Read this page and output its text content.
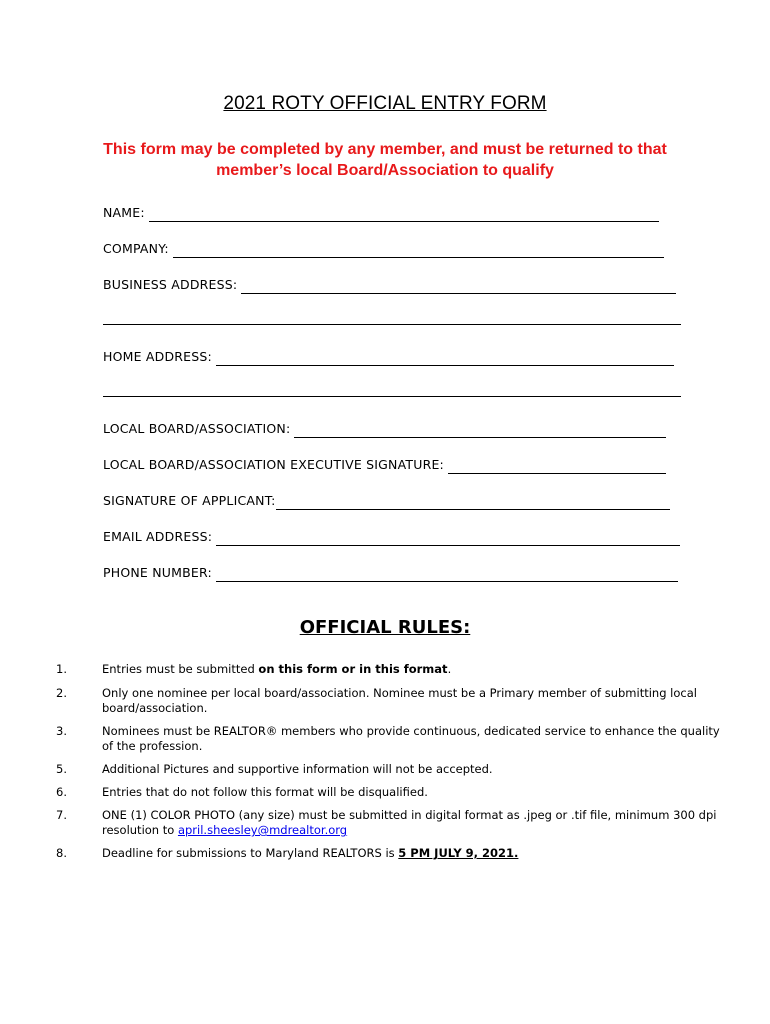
2021 ROTY OFFICIAL ENTRY FORM
This form may be completed by any member, and must be returned to that
member’s local Board/Association to qualify
NAME:
COMPANY:
BUSINESS ADDRESS:
HOME ADDRESS:
LOCAL BOARD/ASSOCIATION:
LOCAL BOARD/ASSOCIATION EXECUTIVE SIGNATURE:
SIGNATURE OF APPLICANT:
EMAIL ADDRESS:
PHONE NUMBER:
OFFICIAL RULES:
1.	Entries must be submitted on this form or in this format.
2.	Only one nominee per local board/association. Nominee must be a Primary member of submitting local board/association.
3.	Nominees must be REALTOR® members who provide continuous, dedicated service to enhance the quality of the profession.
5.	Additional Pictures and supportive information will not be accepted.
6.	Entries that do not follow this format will be disqualified.
7.	ONE (1) COLOR PHOTO (any size) must be submitted in digital format as .jpeg or .tif file, minimum 300 dpi resolution to april.sheesley@mdrealtor.org
8.	Deadline for submissions to Maryland REALTORS is 5 PM JULY 9, 2021.
